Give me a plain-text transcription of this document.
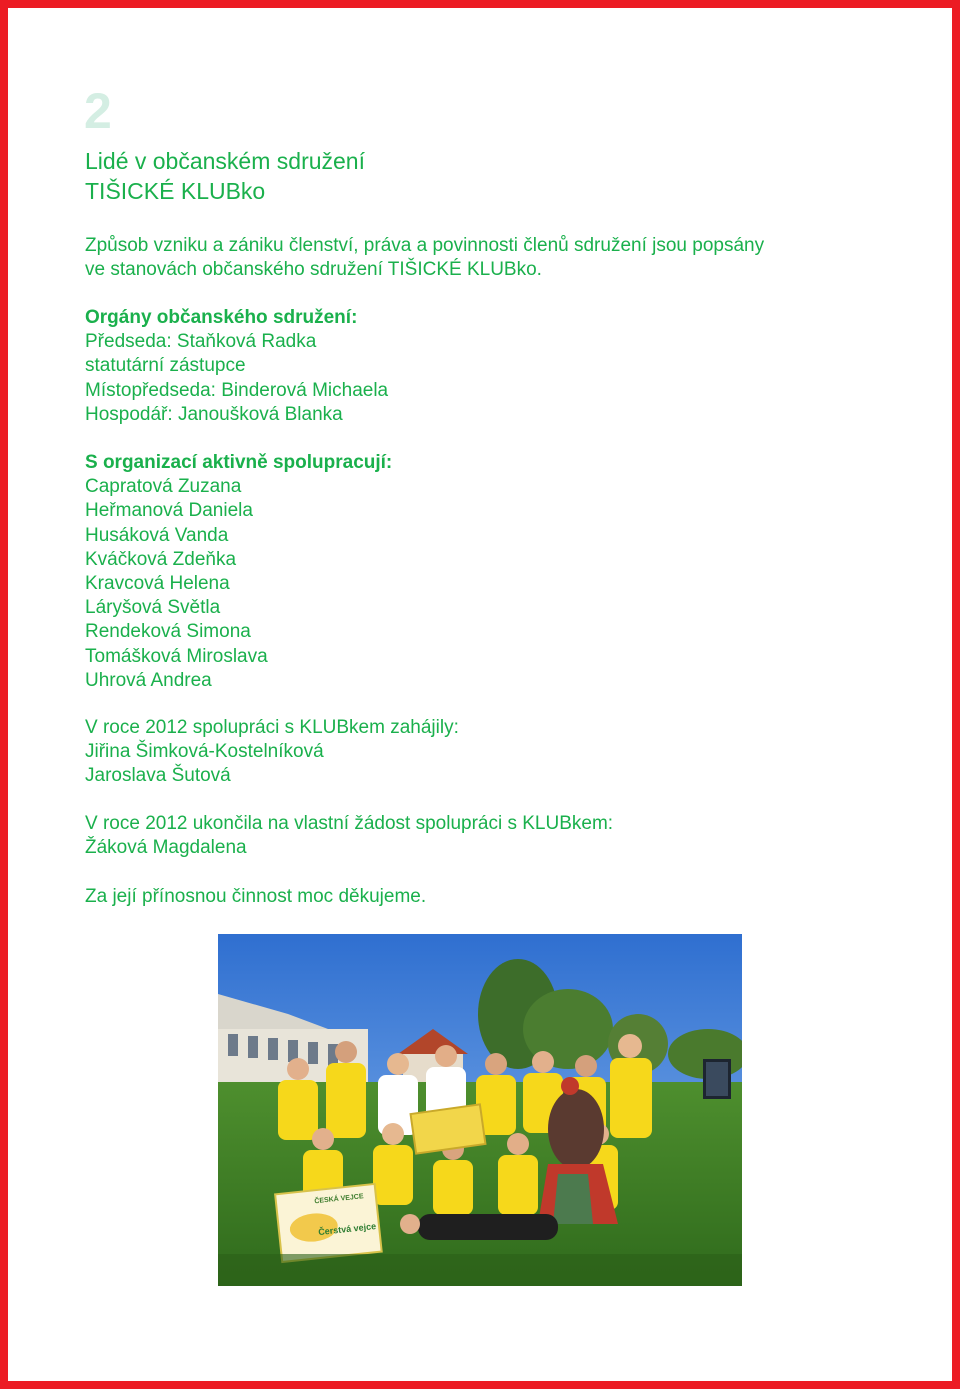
2
Lidé v občanském sdružení
TIŠICKÉ KLUBko
Způsob vzniku a zániku členství, práva a povinnosti členů sdružení jsou popsány
ve stanovách občanského sdružení TIŠICKÉ KLUBko.
Orgány občanského sdružení:
Předseda: Staňková Radka
statutární zástupce
Místopředseda: Binderová Michaela
Hospodář: Janoušková Blanka
S organizací aktivně spolupracují:
Capratová Zuzana
Heřmanová Daniela
Husáková Vanda
Kváčková Zdeňka
Kravcová Helena
Láryšová Světla
Rendeková Simona
Tomášková Miroslava
Uhrová Andrea
V roce 2012 spolupráci s KLUBkem zahájily:
Jiřina Šimková-Kostelníková
Jaroslava Šutová
V roce 2012 ukončila na vlastní žádost spolupráci s KLUBkem:
Žáková Magdalena
Za její přínosnou činnost moc děkujeme.
ČESKÁ VEJCE
Čerstvá vejce
